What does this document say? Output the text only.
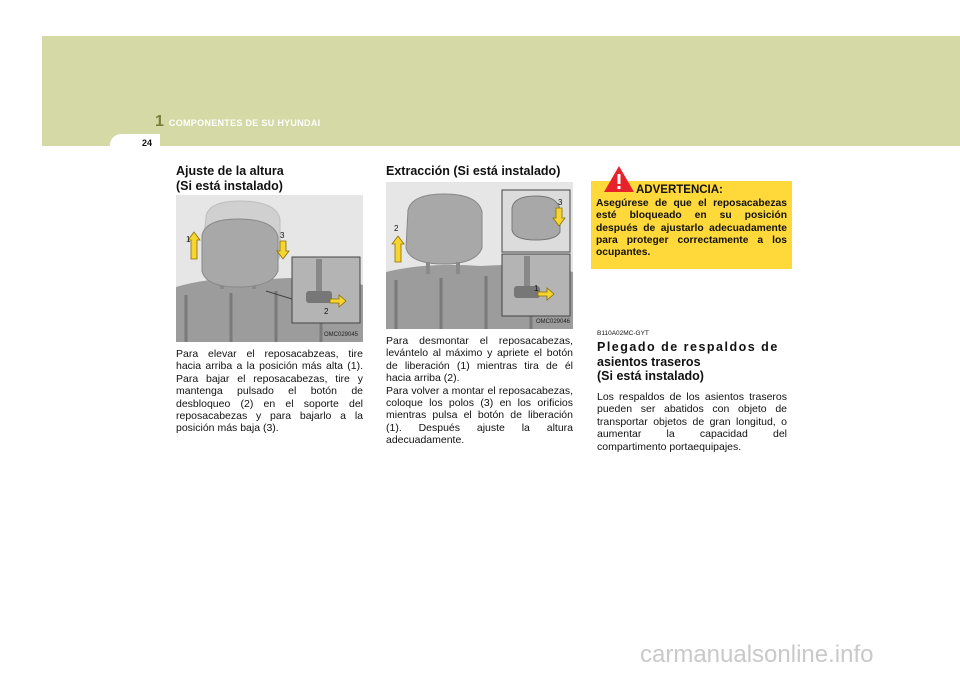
1 COMPONENTES DE SU HYUNDAI
24
Ajuste de la altura
(Si está instalado)
1
2
3
OMC029045
Para elevar el reposacabzeas, tire hacia arriba a la posición más alta (1). Para bajar el reposacabezas, tire y mantenga pulsado el botón de desbloqueo (2) en el soporte del reposacabezas y para bajarlo a la posición más baja (3).
Extracción (Si está instalado)
1
2
3
OMC029046
Para desmontar el reposacabezas, levántelo al máximo y apriete el botón de liberación (1) mientras tira de él hacia arriba (2).
Para volver a montar el reposacabezas, coloque los polos (3) en los orificios mientras pulsa el botón de liberación (1). Después ajuste la altura adecuadamente.
ADVERTENCIA:
Asegúrese de que el reposacabezas esté bloqueado en su posición después de ajustarlo adecuadamente para proteger correctamente a los ocupantes.
B110A02MC-GYT
Plegado de respaldos de
asientos traseros
(Si está instalado)
Los respaldos de los asientos traseros pueden ser abatidos con objeto de transportar objetos de gran longitud, o aumentar la capacidad del compartimento portaequipajes.
carmanualsonline.info
